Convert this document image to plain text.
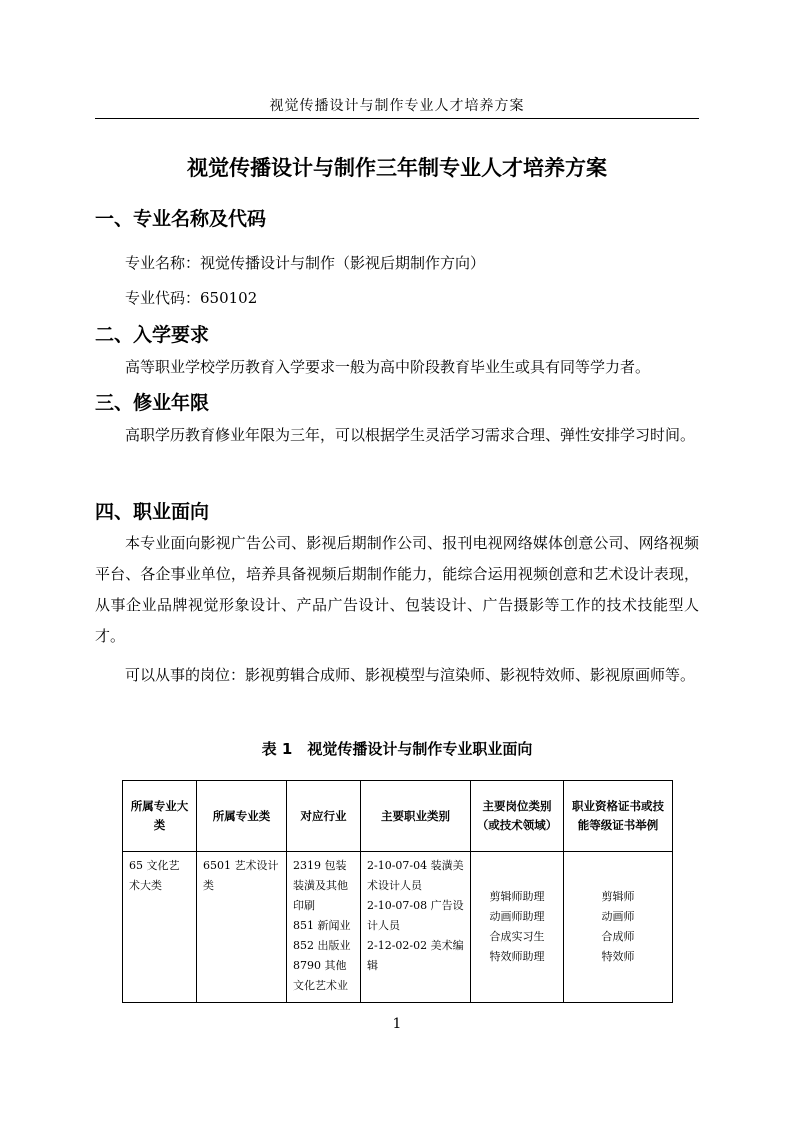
视觉传播设计与制作专业人才培养方案
视觉传播设计与制作三年制专业人才培养方案
一、专业名称及代码
专业名称：视觉传播设计与制作（影视后期制作方向）
专业代码：650102
二、入学要求
高等职业学校学历教育入学要求一般为高中阶段教育毕业生或具有同等学力者。
三、修业年限
高职学历教育修业年限为三年，可以根据学生灵活学习需求合理、弹性安排学习时间。
四、职业面向
本专业面向影视广告公司、影视后期制作公司、报刊电视网络媒体创意公司、网络视频平台、各企事业单位，培养具备视频后期制作能力，能综合运用视频创意和艺术设计表现，从事企业品牌视觉形象设计、产品广告设计、包装设计、广告摄影等工作的技术技能型人才。
可以从事的岗位：影视剪辑合成师、影视模型与渲染师、影视特效师、影视原画师等。
表 1　视觉传播设计与制作专业职业面向
所属专业大类	所属专业类	对应行业	主要职业类别	主要岗位类别（或技术领域）	职业资格证书或技能等级证书举例
65 文化艺术大类	6501 艺术设计类	2319 包装装潢及其他印刷
851 新闻业
852 出版业
8790 其他文化艺术业	2-10-07-04 装潢美术设计人员
2-10-07-08 广告设计人员
2-12-02-02 美术编辑	剪辑师助理
动画师助理
合成实习生
特效师助理	剪辑师
动画师
合成师
特效师
1
